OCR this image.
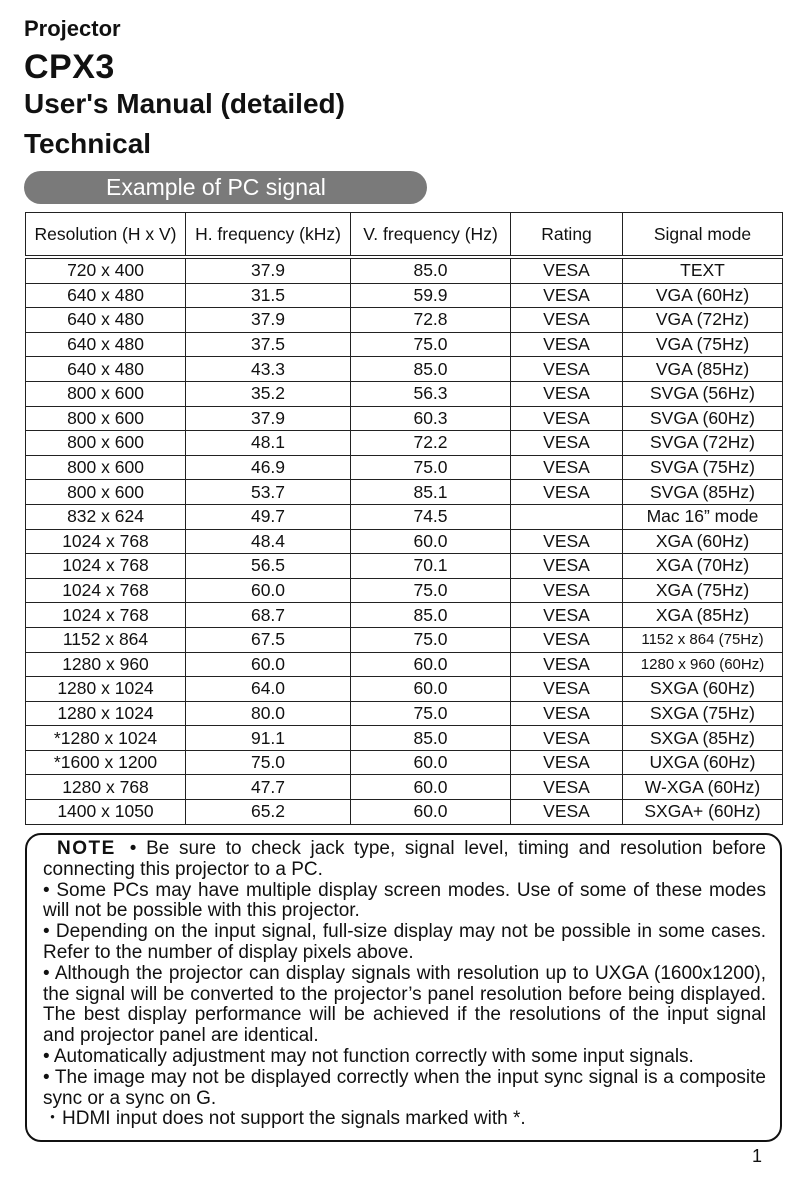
Projector
CPX3
User's Manual (detailed)
Technical
Example of PC signal
Resolution (H x V)	H. frequency (kHz)	V. frequency (Hz)	Rating	Signal mode
720 x 400	37.9	85.0	VESA	TEXT
640 x 480	31.5	59.9	VESA	VGA (60Hz)
640 x 480	37.9	72.8	VESA	VGA (72Hz)
640 x 480	37.5	75.0	VESA	VGA (75Hz)
640 x 480	43.3	85.0	VESA	VGA (85Hz)
800 x 600	35.2	56.3	VESA	SVGA (56Hz)
800 x 600	37.9	60.3	VESA	SVGA (60Hz)
800 x 600	48.1	72.2	VESA	SVGA (72Hz)
800 x 600	46.9	75.0	VESA	SVGA (75Hz)
800 x 600	53.7	85.1	VESA	SVGA (85Hz)
832 x 624	49.7	74.5		Mac 16” mode
1024 x 768	48.4	60.0	VESA	XGA (60Hz)
1024 x 768	56.5	70.1	VESA	XGA (70Hz)
1024 x 768	60.0	75.0	VESA	XGA (75Hz)
1024 x 768	68.7	85.0	VESA	XGA (85Hz)
1152 x 864	67.5	75.0	VESA	1152 x 864 (75Hz)
1280 x 960	60.0	60.0	VESA	1280 x 960 (60Hz)
1280 x 1024	64.0	60.0	VESA	SXGA (60Hz)
1280 x 1024	80.0	75.0	VESA	SXGA (75Hz)
*1280 x 1024	91.1	85.0	VESA	SXGA (85Hz)
*1600 x 1200	75.0	60.0	VESA	UXGA (60Hz)
1280 x 768	47.7	60.0	VESA	W-XGA (60Hz)
1400 x 1050	65.2	60.0	VESA	SXGA+ (60Hz)

NOTE • Be sure to check jack type, signal level, timing and resolution before connecting this projector to a PC.

• Some PCs may have multiple display screen modes. Use of some of these modes will not be possible with this projector.

• Depending on the input signal, full-size display may not be possible in some cases. Refer to the number of display pixels above.

• Although the projector can display signals with resolution up to UXGA (1600x1200), the signal will be converted to the projector’s panel resolution before being displayed. The best display performance will be achieved if the resolutions of the input signal and projector panel are identical.

• Automatically adjustment may not function correctly with some input signals.

• The image may not be displayed correctly when the input sync signal is a composite sync or a sync on G.

・HDMI input does not support the signals marked with *.

1
